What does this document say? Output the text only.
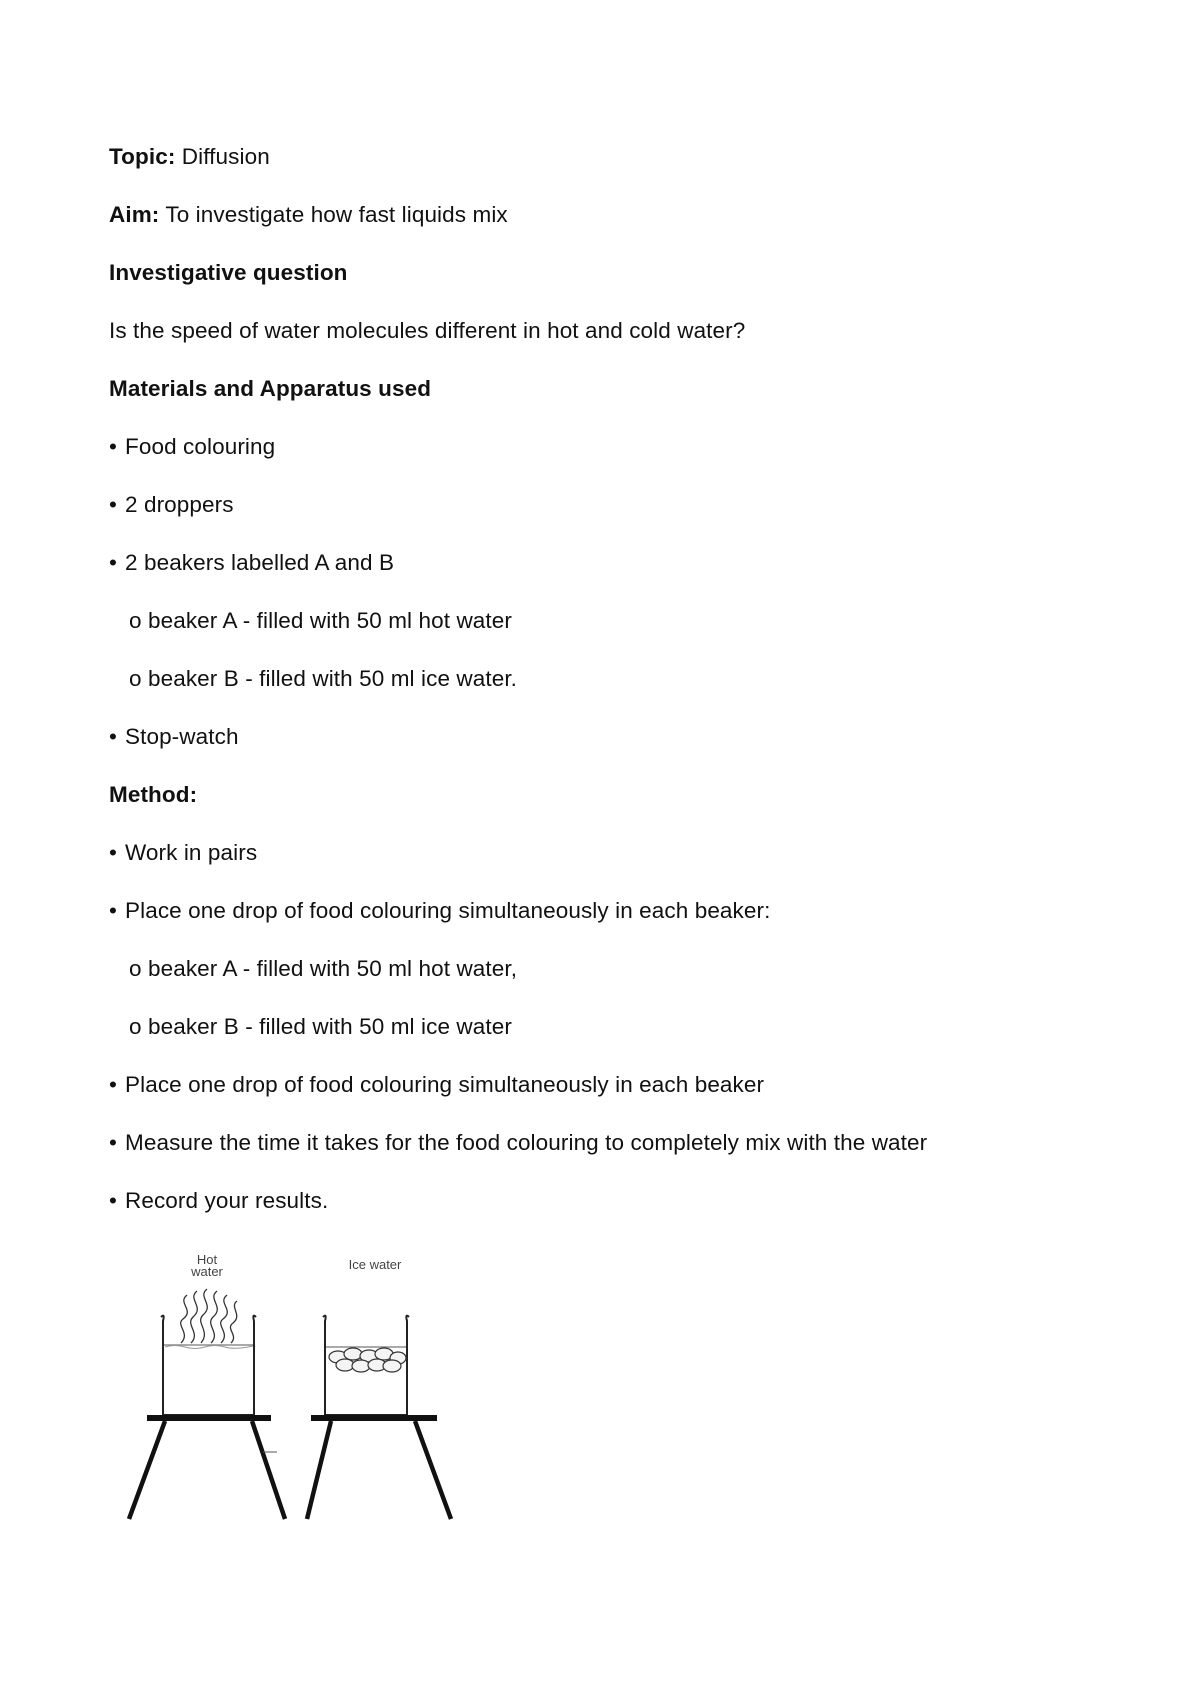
Topic: Diffusion
Aim: To investigate how fast liquids mix
Investigative question
Is the speed of water molecules different in hot and cold water?
Materials and Apparatus used
• Food colouring
• 2 droppers
• 2 beakers labelled A and B
o beaker A - filled with 50 ml hot water
o beaker B - filled with 50 ml ice water.
• Stop-watch
Method:
• Work in pairs
• Place one drop of food colouring simultaneously in each beaker:
o beaker A - filled with 50 ml hot water,
o beaker B - filled with 50 ml ice water
• Place one drop of food colouring simultaneously in each beaker
• Measure the time it takes for the food colouring to completely mix with the water
• Record your results.
Hot
water	Ice water
